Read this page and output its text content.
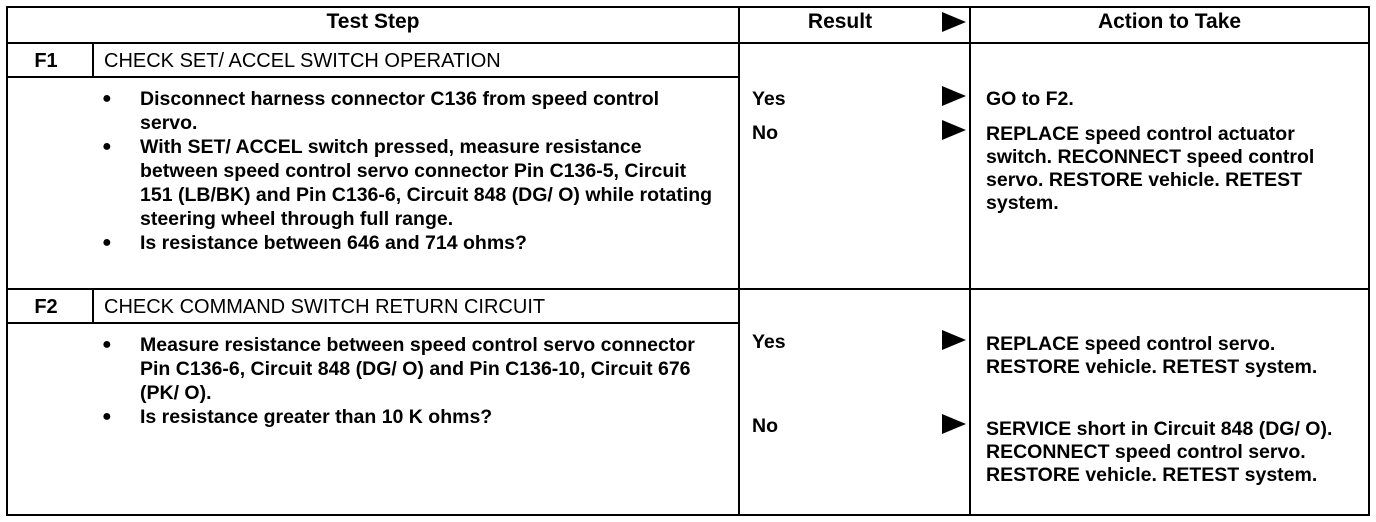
Test Step	Result	Action to Take
F1	CHECK SET/ ACCEL SWITCH OPERATION
● Disconnect harness connector C136 from speed control servo.
● With SET/ ACCEL switch pressed, measure resistance between speed control servo connector Pin C136-5, Circuit 151 (LB/BK) and Pin C136-6, Circuit 848 (DG/ O) while rotating steering wheel through full range.
● Is resistance between 646 and 714 ohms?
Yes	GO to F2.
No	REPLACE speed control actuator switch. RECONNECT speed control servo. RESTORE vehicle. RETEST system.
F2	CHECK COMMAND SWITCH RETURN CIRCUIT
● Measure resistance between speed control servo connector Pin C136-6, Circuit 848 (DG/ O) and Pin C136-10, Circuit 676 (PK/ O).
● Is resistance greater than 10 K ohms?
Yes	REPLACE speed control servo. RESTORE vehicle. RETEST system.
No	SERVICE short in Circuit 848 (DG/ O). RECONNECT speed control servo. RESTORE vehicle. RETEST system.
